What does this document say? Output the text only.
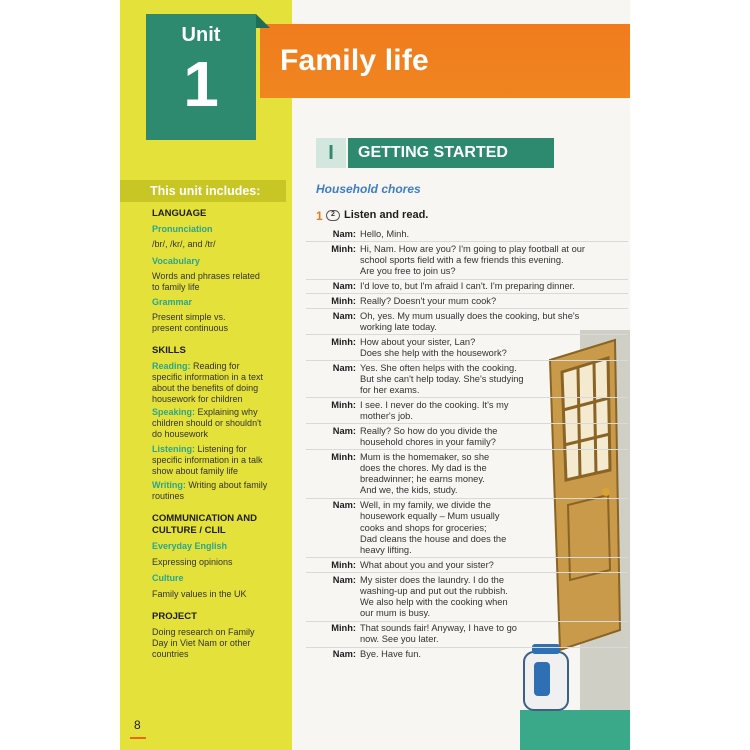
This unit includes:
LANGUAGE
Pronunciation
/br/, /kr/, and /tr/
Vocabulary
Words and phrases related
to family life
Grammar
Present simple vs.
present continuous
SKILLS
Reading: Reading for
specific information in a text
about the benefits of doing
housework for children
Speaking: Explaining why
children should or shouldn't
do housework
Listening: Listening for
specific information in a talk
show about family life
Writing: Writing about family
routines
COMMUNICATION AND
CULTURE / CLIL
Everyday English
Expressing opinions
Culture
Family values in the UK
PROJECT
Doing research on Family
Day in Viet Nam or other
countries
8
Family life
Unit
1
I	GETTING STARTED
Household chores
1	2 Listen and read.
Nam: Hello, Minh.
Minh: Hi, Nam. How are you? I'm going to play football at our
school sports field with a few friends this evening.
Are you free to join us?
Nam: I'd love to, but I'm afraid I can't. I'm preparing dinner.
Minh: Really? Doesn't your mum cook?
Nam: Oh, yes. My mum usually does the cooking, but she's
working late today.
Minh: How about your sister, Lan?
Does she help with the housework?
Nam: Yes. She often helps with the cooking.
But she can't help today. She's studying
for her exams.
Minh: I see. I never do the cooking. It's my
mother's job.
Nam: Really? So how do you divide the
household chores in your family?
Minh: Mum is the homemaker, so she
does the chores. My dad is the
breadwinner; he earns money.
And we, the kids, study.
Nam: Well, in my family, we divide the
housework equally – Mum usually
cooks and shops for groceries;
Dad cleans the house and does the
heavy lifting.
Minh: What about you and your sister?
Nam: My sister does the laundry. I do the
washing-up and put out the rubbish.
We also help with the cooking when
our mum is busy.
Minh: That sounds fair! Anyway, I have to go
now. See you later.
Nam: Bye. Have fun.
